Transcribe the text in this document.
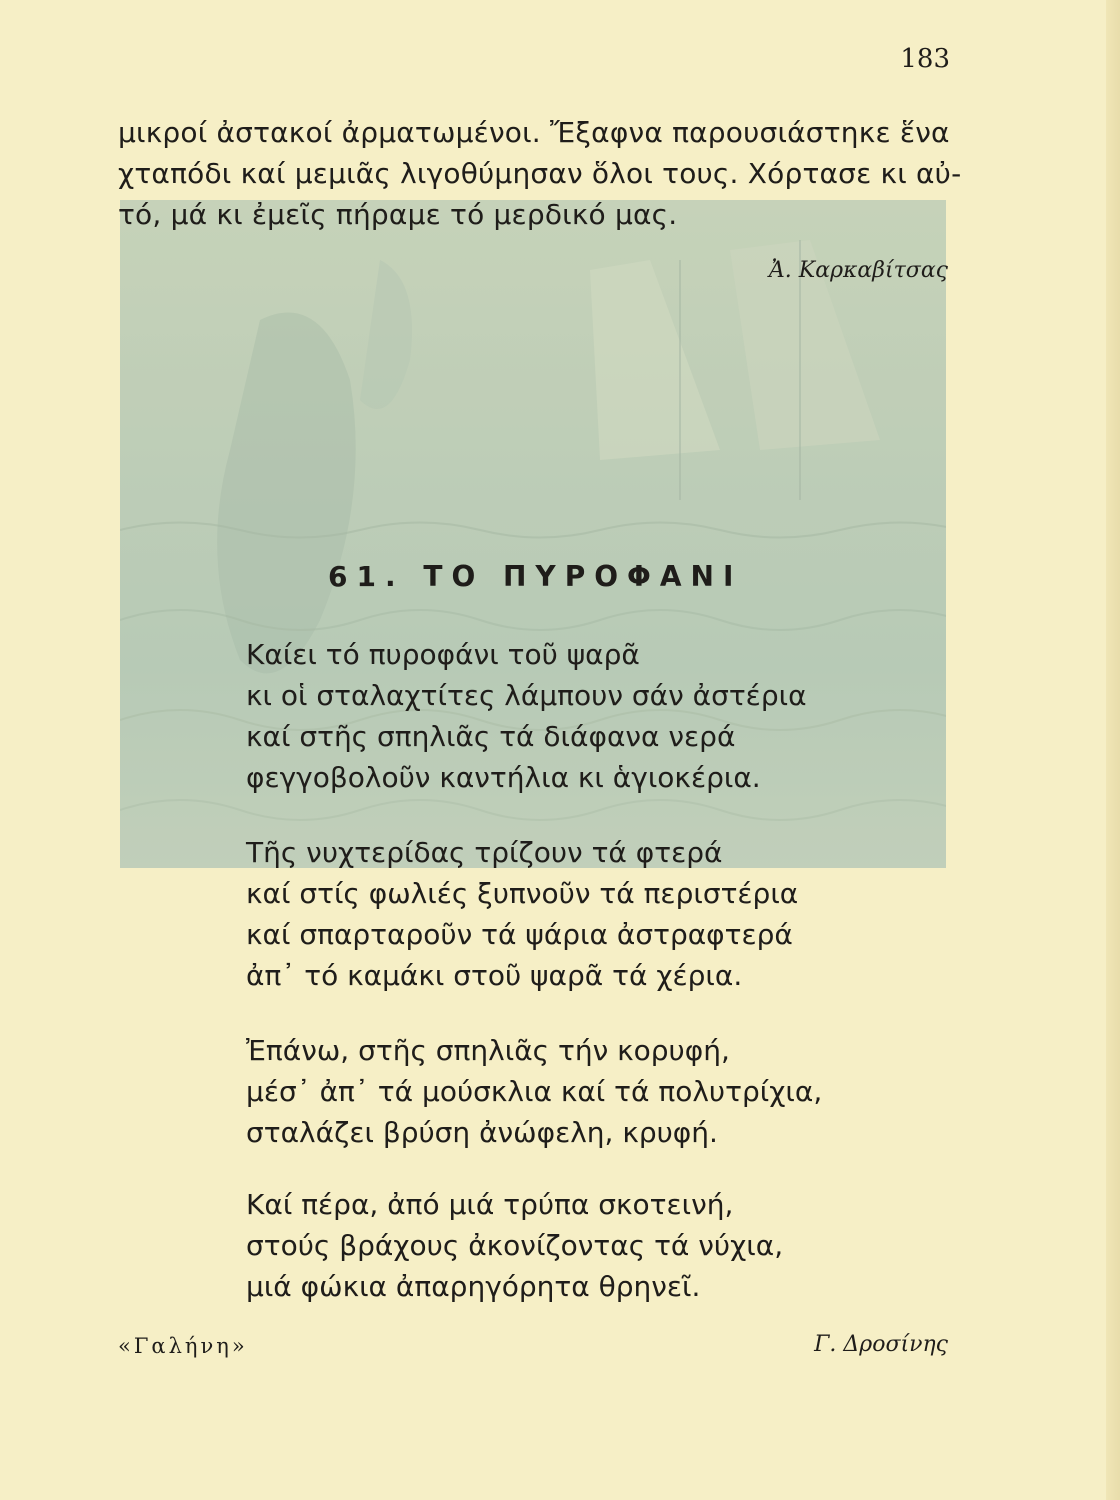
183
μικροί ἀστακοί ἀρματωμένοι. Ἔξαφνα παρουσιάστηκε ἕνα
χταπόδι καί μεμιᾶς λιγοθύμησαν ὅλοι τους. Χόρτασε κι αὐ-
τό, μά κι ἐμεῖς πήραμε τό μερδικό μας.
Ἀ. Καρκαβίτσας
61. ΤΟ ΠΥΡΟΦΑΝΙ
Καίει τό πυροφάνι τοῦ ψαρᾶ
κι οἱ σταλαχτίτες λάμπουν σάν ἀστέρια
καί στῆς σπηλιᾶς τά διάφανα νερά
φεγγοβολοῦν καντήλια κι ἁγιοκέρια.
Τῆς νυχτερίδας τρίζουν τά φτερά
καί στίς φωλιές ξυπνοῦν τά περιστέρια
καί σπαρταροῦν τά ψάρια ἀστραφτερά
ἀπ᾿ τό καμάκι στοῦ ψαρᾶ τά χέρια.
Ἐπάνω, στῆς σπηλιᾶς τήν κορυφή,
μέσ᾿ ἀπ᾿ τά μούσκλια καί τά πολυτρίχια,
σταλάζει βρύση ἀνώφελη, κρυφή.
Καί πέρα, ἀπό μιά τρύπα σκοτεινή,
στούς βράχους ἀκονίζοντας τά νύχια,
μιά φώκια ἀπαρηγόρητα θρηνεῖ.
«Γαλήνη»	Γ. Δροσίνης
